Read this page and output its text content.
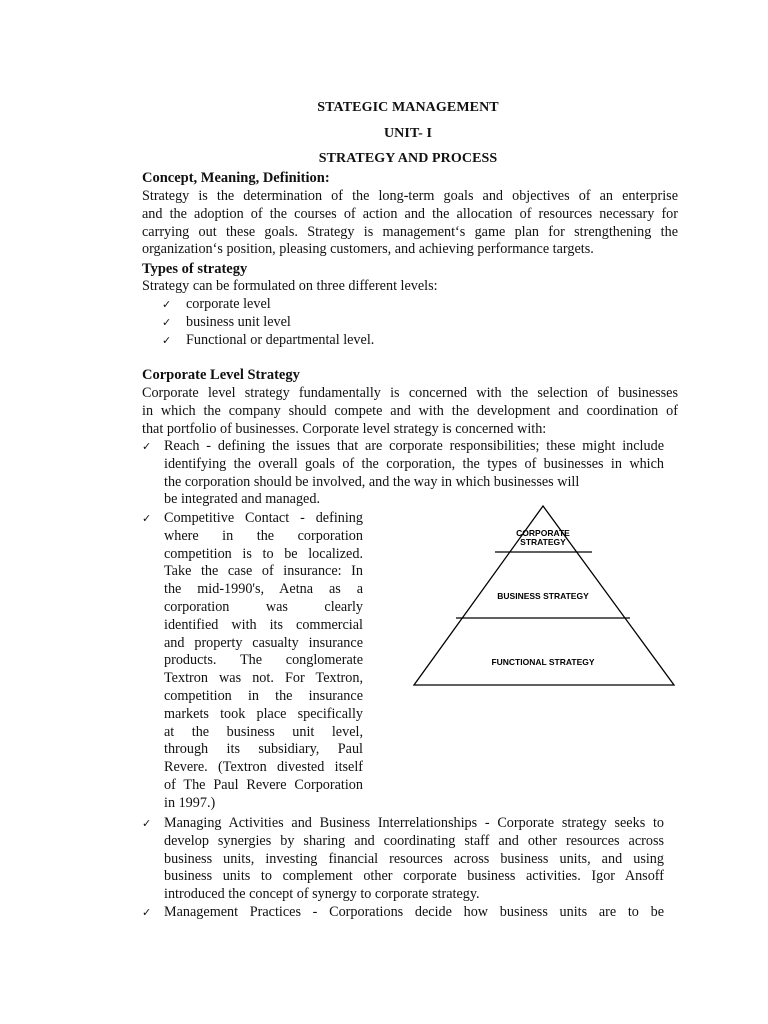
STATEGIC MANAGEMENT
UNIT- I
STRATEGY AND PROCESS
Concept, Meaning, Definition:
Strategy is the determination of the long-term goals and objectives of an enterprise
and the adoption of the courses of action and the allocation of resources necessary for
carrying out these goals. Strategy is management‘s game plan for strengthening the
organization‘s position, pleasing customers, and achieving performance targets.
Types of strategy
Strategy can be formulated on three different levels:
✓ corporate level
✓ business unit level
✓ Functional or departmental level.
Corporate Level Strategy
Corporate level strategy fundamentally is concerned with the selection of businesses
in which the company should compete and with the development and coordination of
that portfolio of businesses. Corporate level strategy is concerned with:
✓ Reach - defining the issues that are corporate responsibilities; these might include
identifying the overall goals of the corporation, the types of businesses in which
the corporation should be involved, and the way in which businesses will
be integrated and managed.
✓ Competitive Contact - defining
where in the corporation
competition is to be localized.
Take the case of insurance: In
the mid-1990's, Aetna as a
corporation was clearly
identified with its commercial
and property casualty insurance
products. The conglomerate
Textron was not. For Textron,
competition in the insurance
markets took place specifically
at the business unit level,
through its subsidiary, Paul
Revere. (Textron divested itself
of The Paul Revere Corporation
in 1997.)
CORPORATE
STRATEGY
BUSINESS STRATEGY
FUNCTIONAL STRATEGY
✓ Managing Activities and Business Interrelationships - Corporate strategy seeks to
develop synergies by sharing and coordinating staff and other resources across
business units, investing financial resources across business units, and using
business units to complement other corporate business activities. Igor Ansoff
introduced the concept of synergy to corporate strategy.
✓ Management Practices - Corporations decide how business units are to be
